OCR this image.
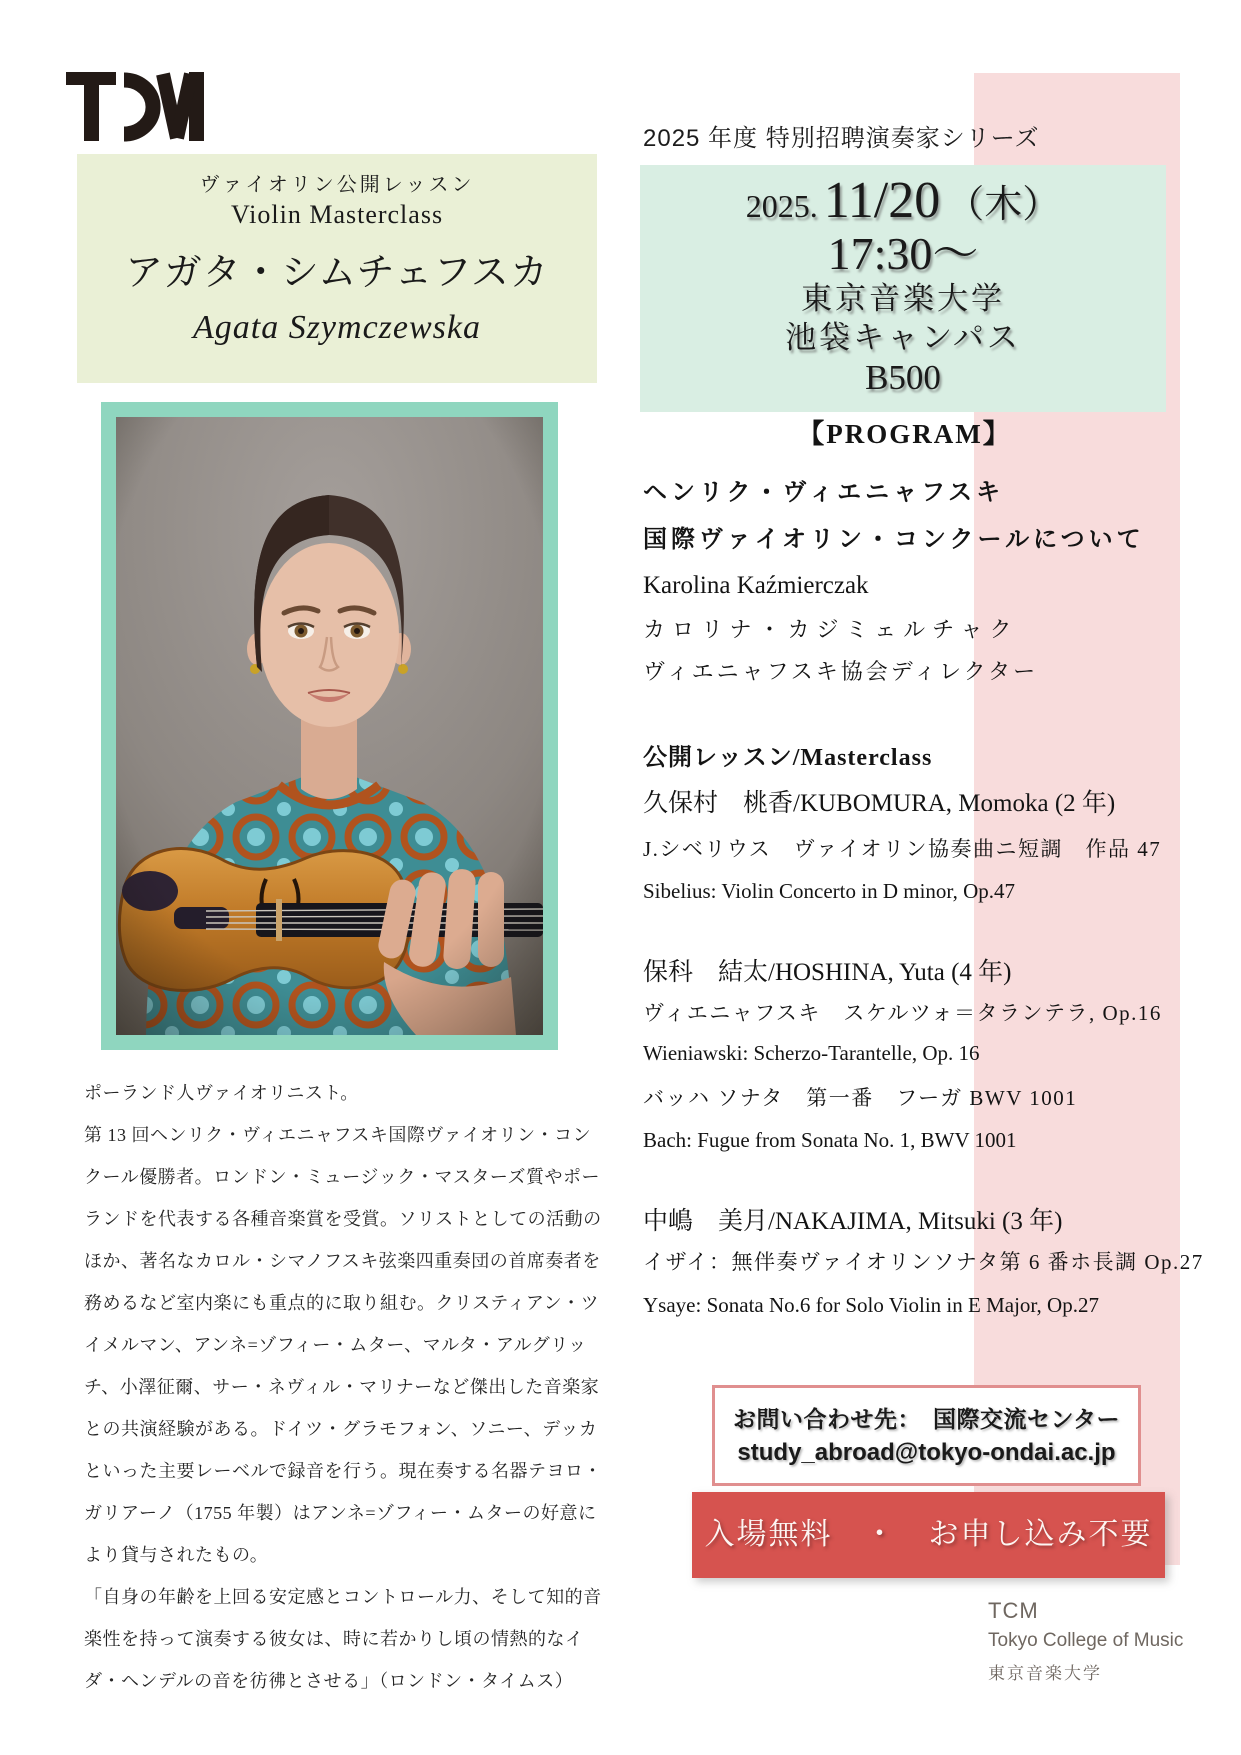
ヴァイオリン公開レッスン
Violin Masterclass
アガタ・シムチェフスカ
Agata Szymczewska
2025 年度 特別招聘演奏家シリーズ
2025. 11/20 （木）
17:30～
東京音楽大学
池袋キャンパス
B500
【PROGRAM】
ヘンリク・ヴィエニャフスキ
国際ヴァイオリン・コンクールについて
Karolina Kaźmierczak
カロリナ・カジミェルチャク
ヴィエニャフスキ協会ディレクター
公開レッスン/Masterclass
久保村　桃香/KUBOMURA, Momoka (2 年)
J.シベリウス　ヴァイオリン協奏曲ニ短調　作品 47
Sibelius: Violin Concerto in D minor, Op.47
保科　結太/HOSHINA, Yuta (4 年)
ヴィエニャフスキ　スケルツォ＝タランテラ, Op.16
Wieniawski: Scherzo-Tarantelle, Op. 16
バッハ ソナタ　第一番　フーガ BWV 1001
Bach: Fugue from Sonata No. 1, BWV 1001
中嶋　美月/NAKAJIMA, Mitsuki (3 年)
イザイ：無伴奏ヴァイオリンソナタ第 6 番ホ長調 Op.27
Ysaye: Sonata No.6 for Solo Violin in E Major, Op.27
ポーランド人ヴァイオリニスト。
第 13 回ヘンリク・ヴィエニャフスキ国際ヴァイオリン・コン
クール優勝者。ロンドン・ミュージック・マスターズ質やポー
ランドを代表する各種音楽賞を受賞。ソリストとしての活動の
ほか、著名なカロル・シマノフスキ弦楽四重奏団の首席奏者を
務めるなど室内楽にも重点的に取り組む。クリスティアン・ツ
イメルマン、アンネ=ゾフィー・ムター、マルタ・アルグリッ
チ、小澤征爾、サー・ネヴィル・マリナーなど傑出した音楽家
との共演経験がある。ドイツ・グラモフォン、ソニー、デッカ
といった主要レーベルで録音を行う。現在奏する名器テヨロ・
ガリアーノ（1755 年製）はアンネ=ゾフィー・ムターの好意に
より貸与されたもの。
「自身の年齢を上回る安定感とコントロール力、そして知的音
楽性を持って演奏する彼女は、時に若かりし頃の情熱的なイ
ダ・ヘンデルの音を彷彿とさせる」（ロンドン・タイムス）
お問い合わせ先：　国際交流センター
study_abroad@tokyo-ondai.ac.jp
入場無料　・　お申し込み不要
TCM
Tokyo College of Music
東京音楽大学
